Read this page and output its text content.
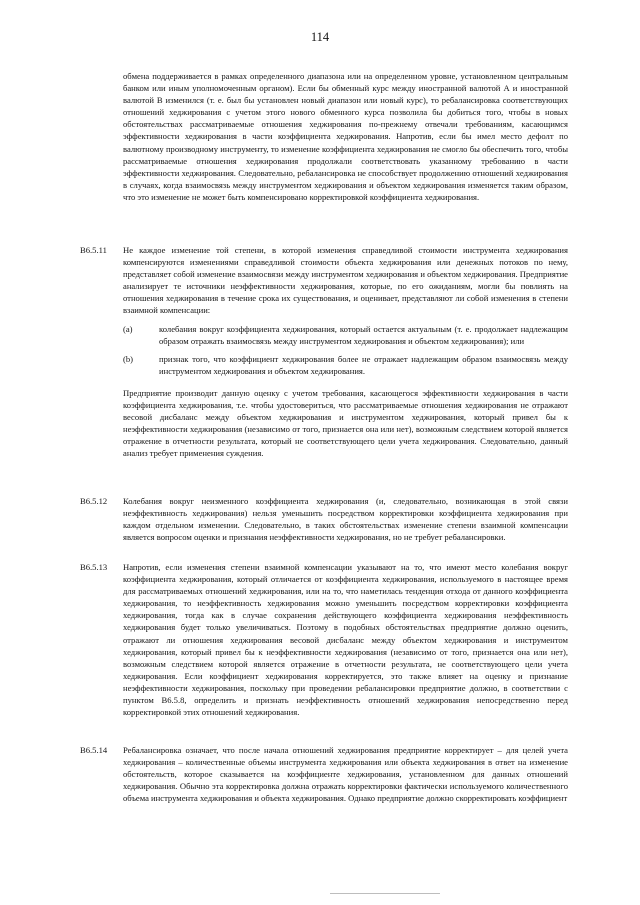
114

обмена поддерживается в рамках определенного диапазона или на определенном уровне, установленном центральным банком или иным уполномоченным органом). Если бы обменный курс между иностранной валютой А и иностранной валютой В изменился (т. е. был бы установлен новый диапазон или новый курс), то ребалансировка соответствующих отношений хеджирования с учетом этого нового обменного курса позволила бы добиться того, чтобы в новых обстоятельствах рассматриваемые отношения хеджирования по-прежнему отвечали требованиям, касающимся эффективности хеджирования в части коэффициента хеджирования. Напротив, если бы имел место дефолт по валютному производному инструменту, то изменение коэффициента хеджирования не смогло бы обеспечить того, чтобы рассматриваемые отношения хеджирования продолжали соответствовать указанному требованию в части эффективности хеджирования. Следовательно, ребалансировка не способствует продолжению отношений хеджирования в случаях, когда взаимосвязь между инструментом хеджирования и объектом хеджирования изменяется таким образом, что это изменение не может быть компенсировано корректировкой коэффициента хеджирования.

B6.5.11	Не каждое изменение той степени, в которой изменения справедливой стоимости инструмента хеджирования компенсируются изменениями справедливой стоимости объекта хеджирования или денежных потоков по нему, представляет собой изменение взаимосвязи между инструментом хеджирования и объектом хеджирования. Предприятие анализирует те источники неэффективности хеджирования, которые, по его ожиданиям, могли бы повлиять на отношения хеджирования в течение срока их существования, и оценивает, представляют ли собой изменения в степени взаимной компенсации:

(a)	колебания вокруг коэффициента хеджирования, который остается актуальным (т. е. продолжает надлежащим образом отражать взаимосвязь между инструментом хеджирования и объектом хеджирования); или

(b)	признак того, что коэффициент хеджирования более не отражает надлежащим образом взаимосвязь между инструментом хеджирования и объектом хеджирования.

Предприятие производит данную оценку с учетом требования, касающегося эффективности хеджирования в части коэффициента хеджирования, т.е. чтобы удостовериться, что рассматриваемые отношения хеджирования не отражают весовой дисбаланс между объектом хеджирования и инструментом хеджирования, который привел бы к неэффективности хеджирования (независимо от того, признается она или нет), возможным следствием которой является отражение в отчетности результата, который не соответствующего цели учета хеджирования. Следовательно, данный анализ требует применения суждения.

B6.5.12	Колебания вокруг неизменного коэффициента хеджирования (и, следовательно, возникающая в этой связи неэффективность хеджирования) нельзя уменьшить посредством корректировки коэффициента хеджирования при каждом отдельном изменении. Следовательно, в таких обстоятельствах изменение степени взаимной компенсации является вопросом оценки и признания неэффективности хеджирования, но не требует ребалансировки.

B6.5.13	Напротив, если изменения степени взаимной компенсации указывают на то, что имеют место колебания вокруг коэффициента хеджирования, который отличается от коэффициента хеджирования, используемого в настоящее время для рассматриваемых отношений хеджирования, или на то, что наметилась тенденция отхода от данного коэффициента хеджирования, то неэффективность хеджирования можно уменьшить посредством корректировки коэффициента хеджирования, тогда как в случае сохранения действующего коэффициента хеджирования неэффективность хеджирования будет только увеличиваться. Поэтому в подобных обстоятельствах предприятие должно оценить, отражают ли отношения хеджирования весовой дисбаланс между объектом хеджирования и инструментом хеджирования, который привел бы к неэффективности хеджирования (независимо от того, признается она или нет), возможным следствием которой является отражение в отчетности результата, не соответствующего цели учета хеджирования. Если коэффициент хеджирования корректируется, это также влияет на оценку и признание неэффективности хеджирования, поскольку при проведении ребалансировки предприятие должно, в соответствии с пунктом B6.5.8, определить и признать неэффективность отношений хеджирования непосредственно перед корректировкой этих отношений хеджирования.

B6.5.14	Ребалансировка означает, что после начала отношений хеджирования предприятие корректирует – для целей учета хеджирования – количественные объемы инструмента хеджирования или объекта хеджирования в ответ на изменение обстоятельств, которое сказывается на коэффициенте хеджирования, установленном для данных отношений хеджирования. Обычно эта корректировка должна отражать корректировки фактически используемого количественного объема инструмента хеджирования и объекта хеджирования. Однако предприятие должно скорректировать коэффициент
